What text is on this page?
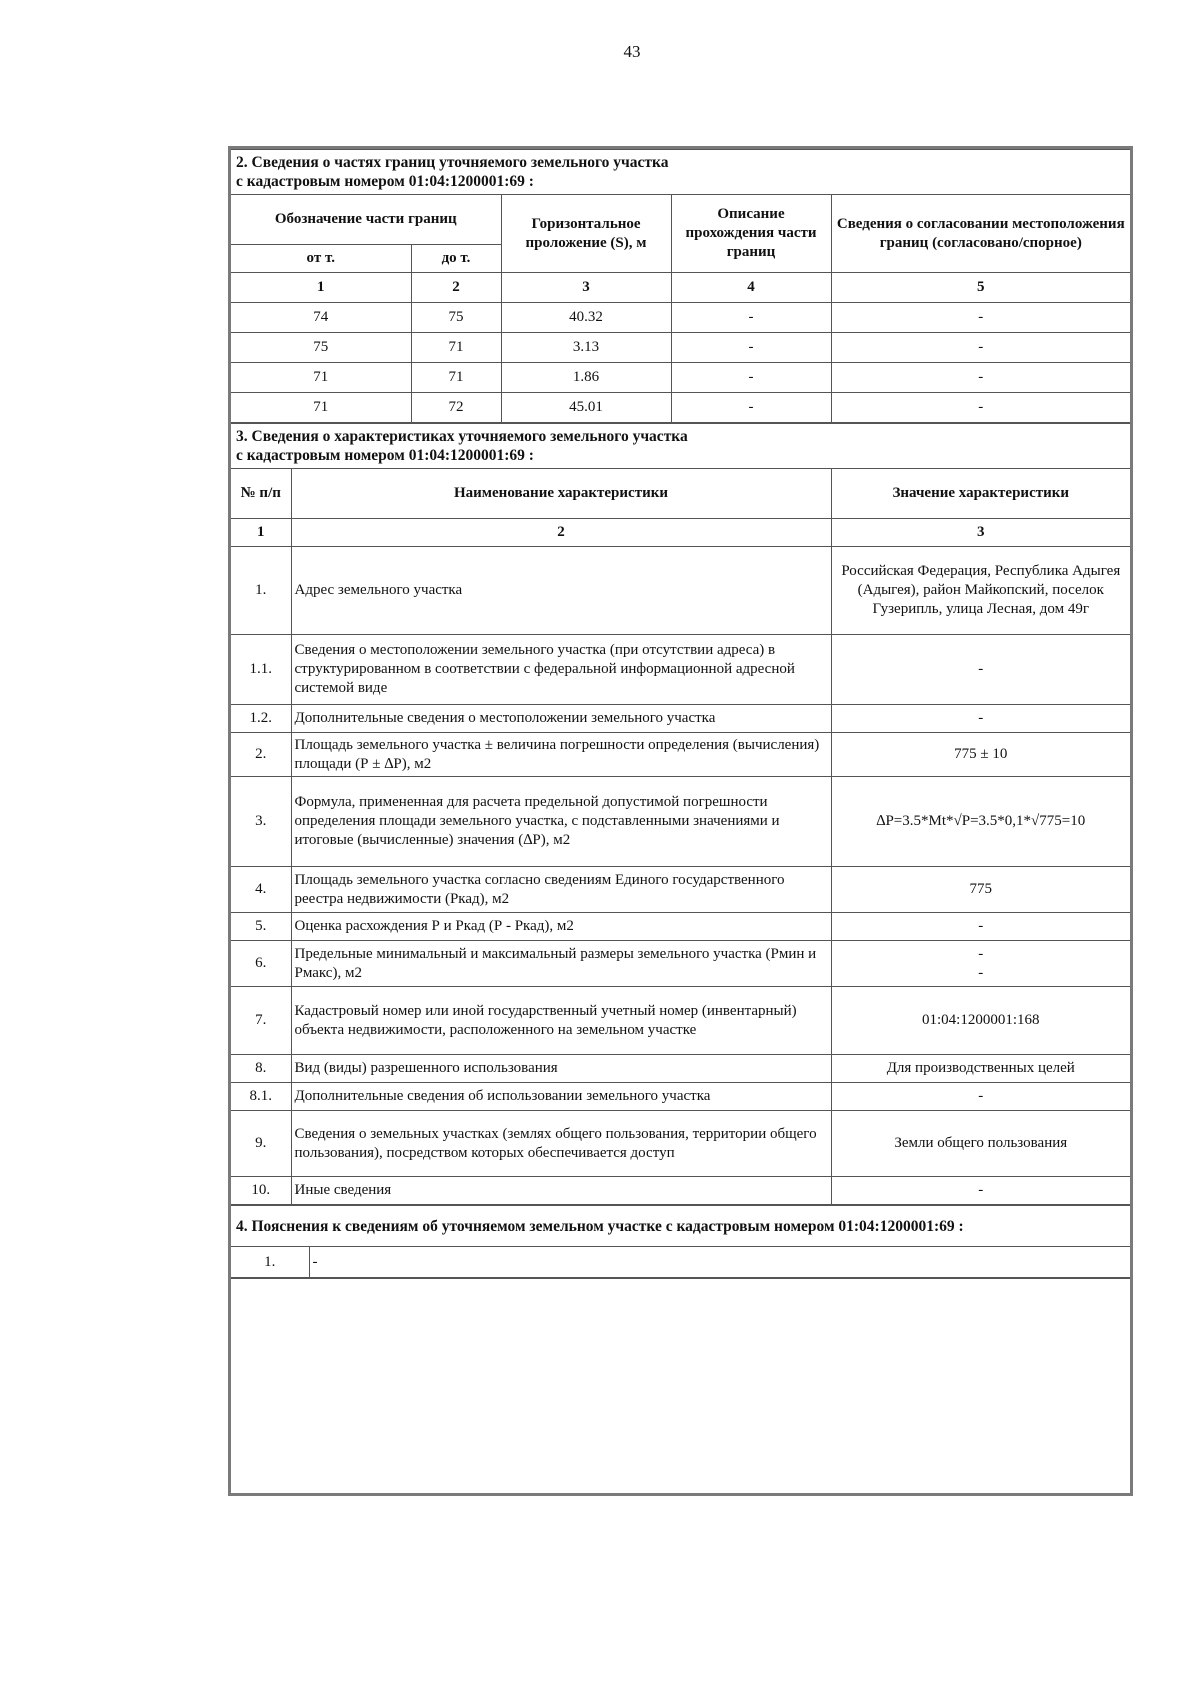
43
2. Сведения о частях границ уточняемого земельного участка
с кадастровым номером 01:04:1200001:69 :				

Обозначение части границ		Горизонтальное проложение (S), м	Описание прохождения части границ	Сведения о согласовании местоположения границ (согласовано/спорное)
от т.	до т.			
1	2	3	4	5
74	75	40.32	-	-
75	71	3.13	-	-
71	71	1.86	-	-
71	72	45.01	-	-
3. Сведения о характеристиках уточняемого земельного участка
с кадастровым номером 01:04:1200001:69 :		

№ п/п	Наименование характеристики	Значение характеристики
1	2	3
1.	Адрес земельного участка	Российская Федерация, Республика Адыгея (Адыгея), район Майкопский, поселок Гузерипль, улица Лесная, дом 49г
1.1.	Сведения о местоположении земельного участка (при отсутствии адреса) в структурированном в соответствии с федеральной информационной адресной системой виде	-
1.2.	Дополнительные сведения о местоположении земельного участка	-
2.	Площадь земельного участка ± величина погрешности определения (вычисления) площади (Р ± ∆Р), м2	775 ± 10
3.	Формула, примененная для расчета предельной допустимой погрешности определения площади земельного участка, с подставленными значениями и итоговые (вычисленные) значения (∆Р), м2	∆Р=3.5*Mt*√Р=3.5*0,1*√775=10
4.	Площадь земельного участка согласно сведениям Единого государственного реестра недвижимости (Ркад), м2	775
5.	Оценка расхождения Р и Ркад (Р - Ркад), м2	-
6.	Предельные минимальный и максимальный размеры земельного участка (Рмин и Рмакс), м2	-
-
7.	Кадастровый номер или иной государственный учетный номер (инвентарный) объекта недвижимости, расположенного на земельном участке	01:04:1200001:168
8.	Вид (виды) разрешенного использования	Для производственных целей
8.1.	Дополнительные сведения об использовании земельного участка	-
9.	Сведения о земельных участках (землях общего пользования, территории общего пользования), посредством которых обеспечивается доступ	Земли общего пользования
10.	Иные сведения	-
4. Пояснения к сведениям об уточняемом земельном участке с кадастровым номером 01:04:1200001:69 :
1.	-
